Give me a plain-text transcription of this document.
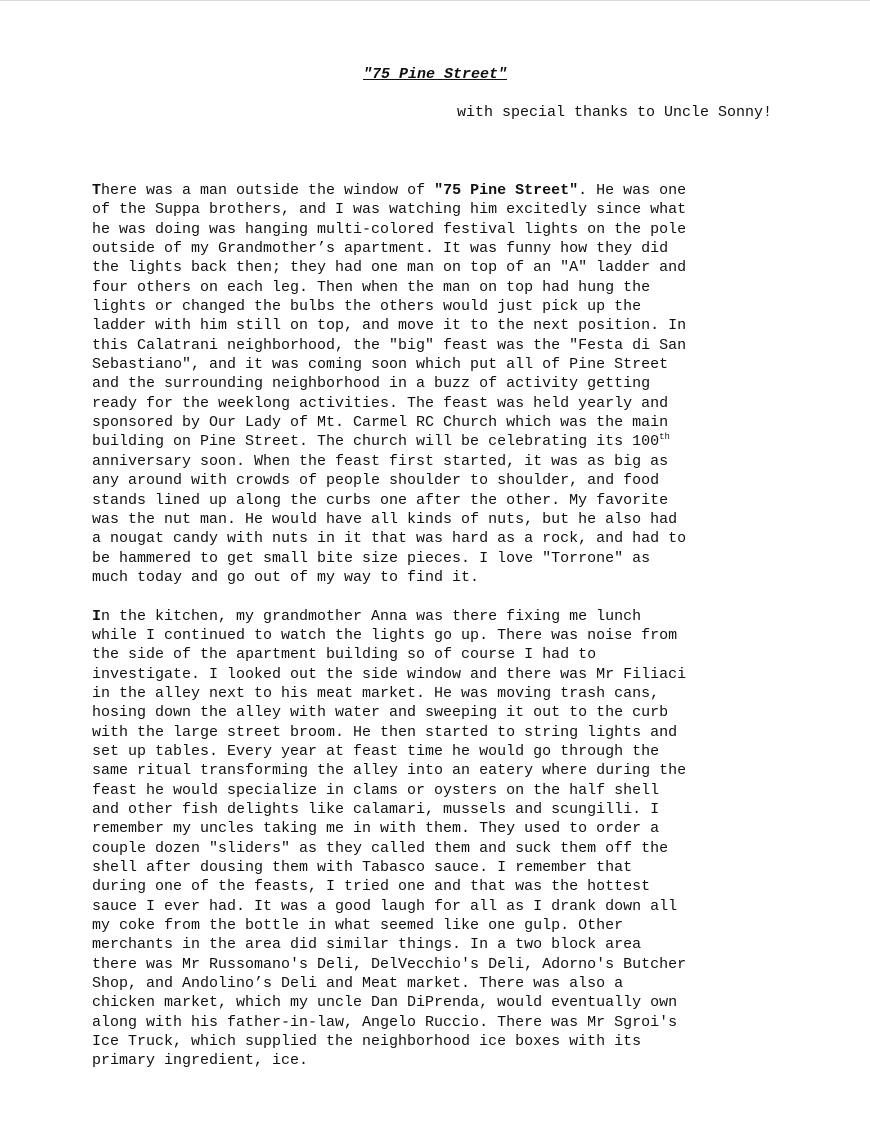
"75 Pine Street"
with special thanks to Uncle Sonny!
There was a man outside the window of "75 Pine Street". He was one
of the Suppa brothers, and I was watching him excitedly since what
he was doing was hanging multi-colored festival lights on the pole
outside of my Grandmother’s apartment. It was funny how they did
the lights back then; they had one man on top of an "A" ladder and
four others on each leg. Then when the man on top had hung the
lights or changed the bulbs the others would just pick up the
ladder with him still on top, and move it to the next position. In
this Calatrani neighborhood, the "big" feast was the "Festa di San
Sebastiano", and it was coming soon which put all of Pine Street
and the surrounding neighborhood in a buzz of activity getting
ready for the weeklong activities. The feast was held yearly and
sponsored by Our Lady of Mt. Carmel RC Church which was the main
building on Pine Street. The church will be celebrating its 100th
anniversary soon. When the feast first started, it was as big as
any around with crowds of people shoulder to shoulder, and food
stands lined up along the curbs one after the other. My favorite
was the nut man. He would have all kinds of nuts, but he also had
a nougat candy with nuts in it that was hard as a rock, and had to
be hammered to get small bite size pieces. I love "Torrone" as
much today and go out of my way to find it.
In the kitchen, my grandmother Anna was there fixing me lunch
while I continued to watch the lights go up. There was noise from
the side of the apartment building so of course I had to
investigate. I looked out the side window and there was Mr Filiaci
in the alley next to his meat market. He was moving trash cans,
hosing down the alley with water and sweeping it out to the curb
with the large street broom. He then started to string lights and
set up tables. Every year at feast time he would go through the
same ritual transforming the alley into an eatery where during the
feast he would specialize in clams or oysters on the half shell
and other fish delights like calamari, mussels and scungilli. I
remember my uncles taking me in with them. They used to order a
couple dozen "sliders" as they called them and suck them off the
shell after dousing them with Tabasco sauce. I remember that
during one of the feasts, I tried one and that was the hottest
sauce I ever had. It was a good laugh for all as I drank down all
my coke from the bottle in what seemed like one gulp. Other
merchants in the area did similar things. In a two block area
there was Mr Russomano's Deli, DelVecchio's Deli, Adorno's Butcher
Shop, and Andolino’s Deli and Meat market. There was also a
chicken market, which my uncle Dan DiPrenda, would eventually own
along with his father-in-law, Angelo Ruccio. There was Mr Sgroi's
Ice Truck, which supplied the neighborhood ice boxes with its
primary ingredient, ice.
